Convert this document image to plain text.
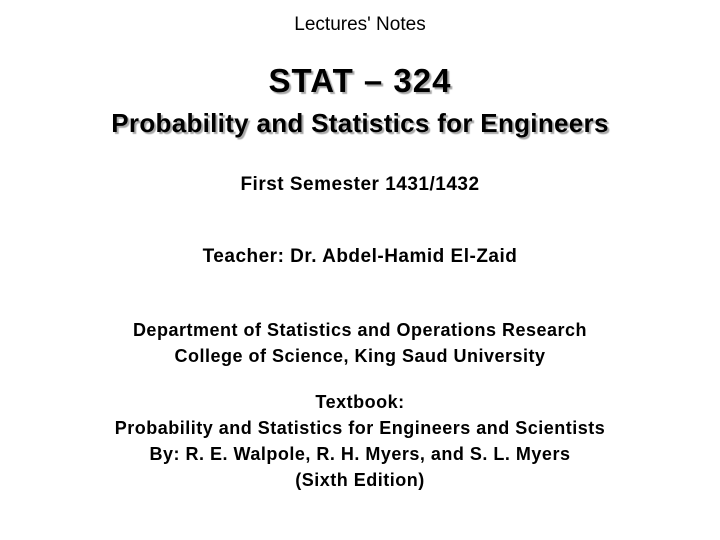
Lectures' Notes
STAT – 324
Probability and Statistics for Engineers
First Semester 1431/1432
Teacher: Dr. Abdel-Hamid El-Zaid
Department of Statistics and Operations Research
College of Science, King Saud University
Textbook:
Probability and Statistics for Engineers and Scientists
By: R. E. Walpole, R. H. Myers, and S. L. Myers
(Sixth Edition)
